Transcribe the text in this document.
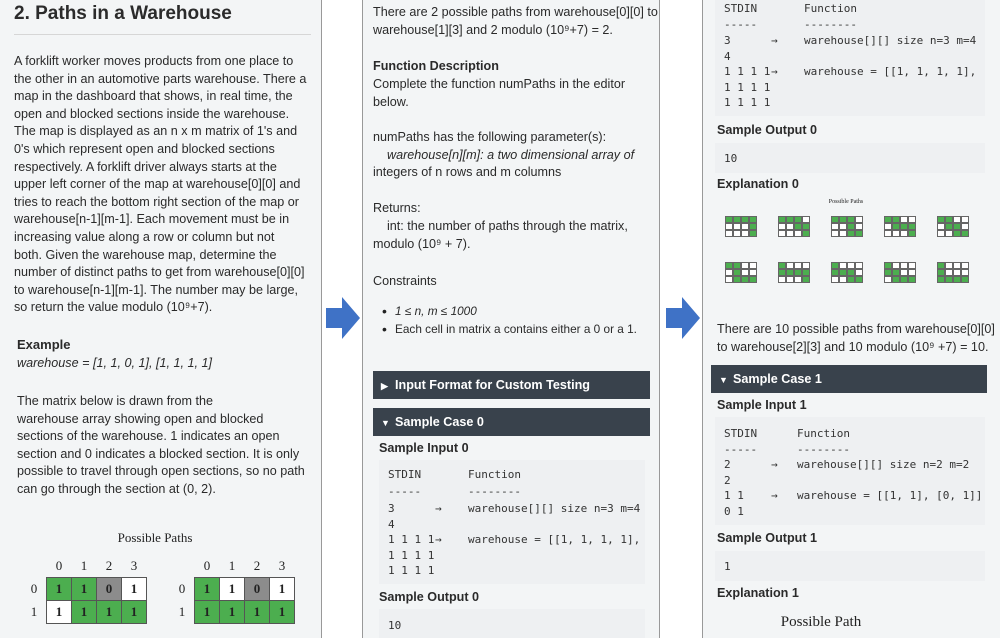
2. Paths in a Warehouse
A forklift worker moves products from one place to
the other in an automotive parts warehouse. There a
map in the dashboard that shows, in real time, the
open and blocked sections inside the warehouse.
The map is displayed as an n x m matrix of 1's and
0's which represent open and blocked sections
respectively. A forklift driver always starts at the
upper left corner of the map at warehouse[0][0] and
tries to reach the bottom right section of the map or
warehouse[n-1][m-1]. Each movement must be in
increasing value along a row or column but not
both. Given the warehouse map, determine the
number of distinct paths to get from warehouse[0][0]
to warehouse[n-1][m-1]. The number may be large,
so return the value modulo (10⁹+7).
Example
warehouse = [1, 1, 0, 1], [1, 1, 1, 1]
The matrix below is drawn from the
warehouse array showing open and blocked
sections of the warehouse. 1 indicates an open
section and 0 indicates a blocked section. It is only
possible to travel through open sections, so no path
can go through the section at (0, 2).
Possible Paths
	0	1	2	3
0	1	1	0	1
1	1	1	1	1
	0	1	2	3
0	1	1	0	1
1	1	1	1	1
There are 2 possible paths from warehouse[0][0] to
warehouse[1][3] and 2 modulo (10⁹+7) = 2.
Function Description
Complete the function numPaths in the editor
below.
numPaths has the following parameter(s):
warehouse[n][m]: a two dimensional array of
integers of n rows and m columns
Returns:
int: the number of paths through the matrix,
modulo (10⁹ + 7).
Constraints
• 1 ≤ n, m ≤ 1000
• Each cell in matrix a contains either a 0 or a 1.
▶ Input Format for Custom Testing
▼ Sample Case 0
Sample Input 0
STDIN	Function
-----	--------
3	→ warehouse[][] size n=3 m=4
4
1 1 1 1 → warehouse = [[1, 1, 1, 1],
1 1 1 1
1 1 1 1
Sample Output 0
10
STDIN	Function
-----	--------
3	→ warehouse[][] size n=3 m=4
4
1 1 1 1 → warehouse = [[1, 1, 1, 1],
1 1 1 1
1 1 1 1
Sample Output 0
10
Explanation 0
Possible Paths
There are 10 possible paths from warehouse[0][0]
to warehouse[2][3] and 10 modulo (10⁹ +7) = 10.
▼ Sample Case 1
Sample Input 1
STDIN	Function
-----	--------
2	→ warehouse[][] size n=2 m=2
2
1 1 → warehouse = [[1, 1], [0, 1]]
0 1
Sample Output 1
1
Explanation 1
Possible Path
